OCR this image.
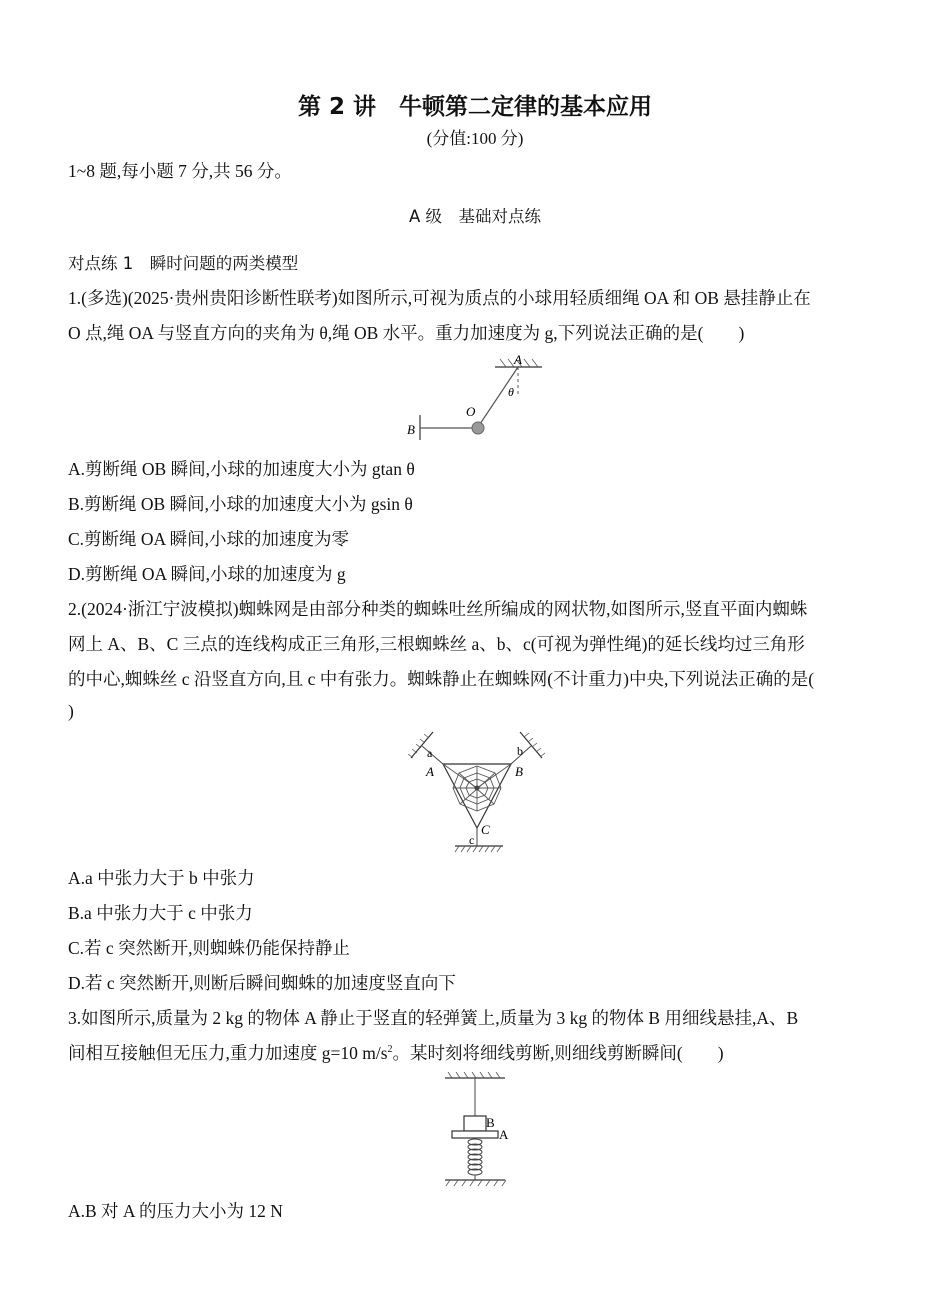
第 2 讲　牛顿第二定律的基本应用
(分值:100 分)
1~8 题,每小题 7 分,共 56 分。
A 级　基础对点练
对点练 1　瞬时问题的两类模型
1.(多选)(2025·贵州贵阳诊断性联考)如图所示,可视为质点的小球用轻质细绳 OA 和 OB 悬挂静止在
O 点,绳 OA 与竖直方向的夹角为 θ,绳 OB 水平。重力加速度为 g,下列说法正确的是(　　)
A
θ
O
B
A.剪断绳 OB 瞬间,小球的加速度大小为 gtan θ
B.剪断绳 OB 瞬间,小球的加速度大小为 gsin θ
C.剪断绳 OA 瞬间,小球的加速度为零
D.剪断绳 OA 瞬间,小球的加速度为 g
2.(2024·浙江宁波模拟)蜘蛛网是由部分种类的蜘蛛吐丝所编成的网状物,如图所示,竖直平面内蜘蛛
网上 A、B、C 三点的连线构成正三角形,三根蜘蛛丝 a、b、c(可视为弹性绳)的延长线均过三角形
的中心,蜘蛛丝 c 沿竖直方向,且 c 中有张力。蜘蛛静止在蜘蛛网(不计重力)中央,下列说法正确的是(
)
a	b
c
A	B
C
A.a 中张力大于 b 中张力
B.a 中张力大于 c 中张力
C.若 c 突然断开,则蜘蛛仍能保持静止
D.若 c 突然断开,则断后瞬间蜘蛛的加速度竖直向下
3.如图所示,质量为 2 kg 的物体 A 静止于竖直的轻弹簧上,质量为 3 kg 的物体 B 用细线悬挂,A、B
间相互接触但无压力,重力加速度 g=10 $m/s^2$。某时刻将细线剪断,则细线剪断瞬间(　　)
B
A
A.B 对 A 的压力大小为 12 N
